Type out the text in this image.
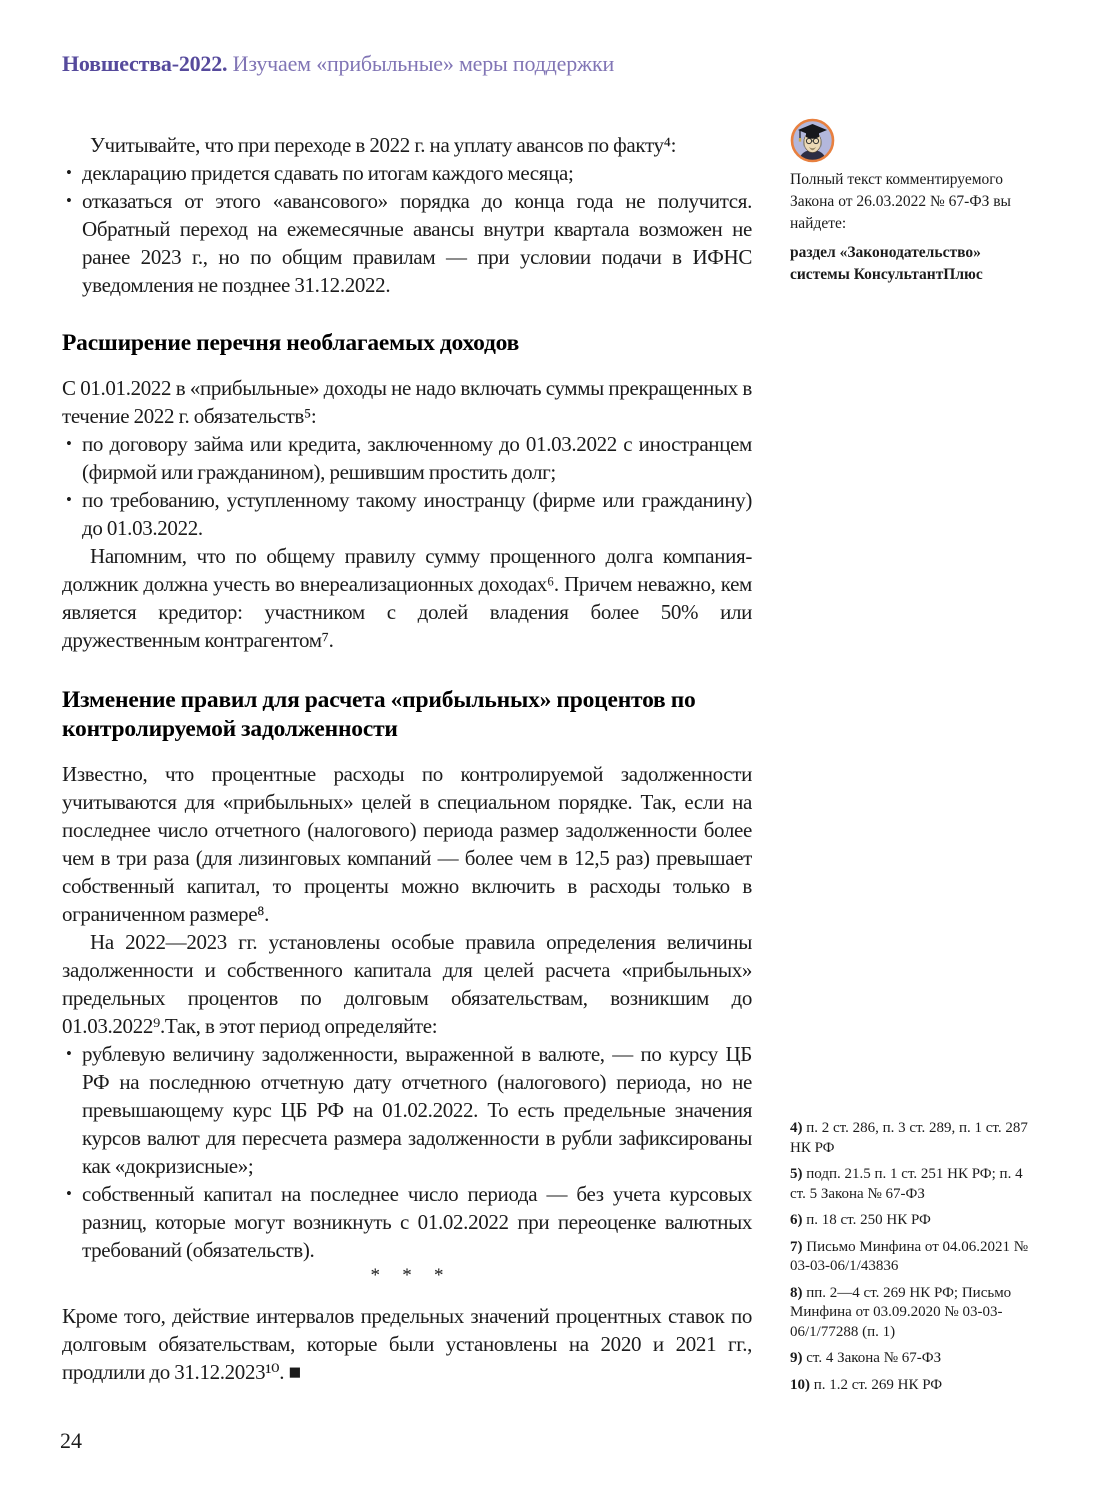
Новшества-2022. Изучаем «прибыльные» меры поддержки

Полный текст комментируемого Закона от 26.03.2022 № 67-ФЗ вы найдете:

раздел «Законодательство» системы КонсультантПлюс

Учитывайте, что при переходе в 2022 г. на уплату авансов по факту⁴:

• декларацию придется сдавать по итогам каждого месяца;
• отказаться от этого «авансового» порядка до конца года не получится. Обратный переход на ежемесячные авансы внутри квартала возможен не ранее 2023 г., но по общим правилам — при условии подачи в ИФНС уведомления не позднее 31.12.2022.
Расширение перечня необлагаемых доходов

С 01.01.2022 в «прибыльные» доходы не надо включать суммы прекращенных в течение 2022 г. обязательств⁵:

• по договору займа или кредита, заключенному до 01.03.2022 с иностранцем (фирмой или гражданином), решившим простить долг;
• по требованию, уступленному такому иностранцу (фирме или гражданину) до 01.03.2022.

Напомним, что по общему правилу сумму прощенного долга компания-должник должна учесть во внереализационных доходах⁶. Причем неважно, кем является кредитор: участником с долей владения более 50% или дружественным контрагентом⁷.

Изменение правил для расчета «прибыльных» процентов по контролируемой задолженности

Известно, что процентные расходы по контролируемой задолженности учитываются для «прибыльных» целей в специальном порядке. Так, если на последнее число отчетного (налогового) периода размер задолженности более чем в три раза (для лизинговых компаний — более чем в 12,5 раз) превышает собственный капитал, то проценты можно включить в расходы только в ограниченном размере⁸.

На 2022—2023 гг. установлены особые правила определения величины задолженности и собственного капитала для целей расчета «прибыльных» предельных процентов по долговым обязательствам, возникшим до 01.03.2022⁹.Так, в этот период определяйте:

• рублевую величину задолженности, выраженной в валюте, — по курсу ЦБ РФ на последнюю отчетную дату отчетного (налогового) периода, но не превышающему курс ЦБ РФ на 01.02.2022. То есть предельные значения курсов валют для пересчета размера задолженности в рубли зафиксированы как «докризисные»;
• собственный капитал на последнее число периода — без учета курсовых разниц, которые могут возникнуть с 01.02.2022 при переоценке валютных требований (обязательств).
* * *

Кроме того, действие интервалов предельных значений процентных ставок по долговым обязательствам, которые были установлены на 2020 и 2021 гг., продлили до 31.12.2023¹⁰. ■

4) п. 2 ст. 286, п. 3 ст. 289, п. 1 ст. 287 НК РФ

5) подп. 21.5 п. 1 ст. 251 НК РФ; п. 4 ст. 5 Закона № 67-ФЗ

6) п. 18 ст. 250 НК РФ

7) Письмо Минфина от 04.06.2021 № 03-03-06/1/43836

8) пп. 2—4 ст. 269 НК РФ; Письмо Минфина от 03.09.2020 № 03-03-06/1/77288 (п. 1)

9) ст. 4 Закона № 67-ФЗ

10) п. 1.2 ст. 269 НК РФ

24
